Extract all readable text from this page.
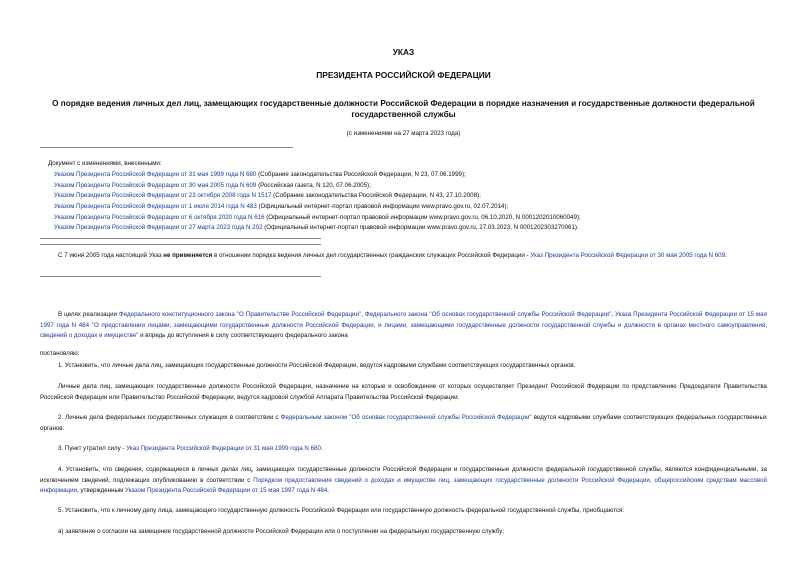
УКАЗ
ПРЕЗИДЕНТА РОССИЙСКОЙ ФЕДЕРАЦИИ
О порядке ведения личных дел лиц, замещающих государственные должности Российской Федерации в порядке назначения и государственные должности федеральной государственной службы
(с изменениями на 27 марта 2023 года)
Документ с изменениями, внесенными:
Указом Президента Российской Федерации от 31 мая 1999 года N 680 (Собрание законодательства Российской Федерации, N 23, 07.06.1999);
Указом Президента Российской Федерации от 30 мая 2005 года N 609 (Российская газета, N 120, 07.06.2005);
Указом Президента Российской Федерации от 23 октября 2008 года N 1517 (Собрание законодательства Российской Федерации, N 43, 27.10.2008);
Указом Президента Российской Федерации от 1 июля 2014 года N 483 (Официальный интернет-портал правовой информации www.pravo.gov.ru, 02.07.2014);
Указом Президента Российской Федерации от 6 октября 2020 года N 616 (Официальный интернет-портал правовой информации www.pravo.gov.ru, 06.10.2020, N 0001202010060049);
Указом Президента Российской Федерации от 27 марта 2023 года N 202 (Официальный интернет-портал правовой информации www.pravo.gov.ru, 27.03.2023, N 0001202303270061).

С 7 июня 2005 года настоящий Указ не применяется в отношении порядка ведения личных дел государственных гражданских служащих Российской Федерации - Указ Президента Российской Федерации от 30 мая 2005 года N 609.

В целях реализации Федерального конституционного закона "О Правительстве Российской Федерации", Федерального закона "Об основах государственной службы Российской Федерации", Указа Президента Российской Федерации от 15 мая 1997 года N 484 "О представлении лицами, замещающими государственные должности Российской Федерации, и лицами, замещающими государственные должности государственной службы и должности в органах местного самоуправления, сведений о доходах и имуществе" и впредь до вступления в силу соответствующего федерального закона

постановляю:

1. Установить, что личные дела лиц, замещающих государственные должности Российской Федерации, ведутся кадровыми службами соответствующих государственных органов.

Личные дела лиц, замещающих государственные должности Российской Федерации, назначение на которые и освобождение от которых осуществляет Президент Российской Федерации по представлению Председателя Правительства Российской Федерации или Правительство Российской Федерации, ведутся кадровой службой Аппарата Правительства Российской Федерации.

2. Личные дела федеральных государственных служащих в соответствии с Федеральным законом "Об основах государственной службы Российской Федерации" ведутся кадровыми службами соответствующих федеральных государственных органов.

3. Пункт утратил силу - Указ Президента Российской Федерации от 31 мая 1999 года N 680.

4. Установить, что сведения, содержащиеся в личных делах лиц, замещающих государственные должности Российской Федерации и государственные должности федеральной государственной службы, являются конфиденциальными, за исключением сведений, подлежащих опубликованию в соответствии с Порядком предоставления сведений о доходах и имуществе лиц, замещающих государственные должности Российской Федерации, общероссийским средствам массовой информации, утвержденным Указом Президента Российской Федерации от 15 мая 1997 года N 484.

5. Установить, что к личному делу лица, замещающего государственную должность Российской Федерации или государственную должность федеральной государственной службы, приобщаются:

а) заявление о согласии на замещение государственной должности Российской Федерации или о поступлении на федеральную государственную службу;
